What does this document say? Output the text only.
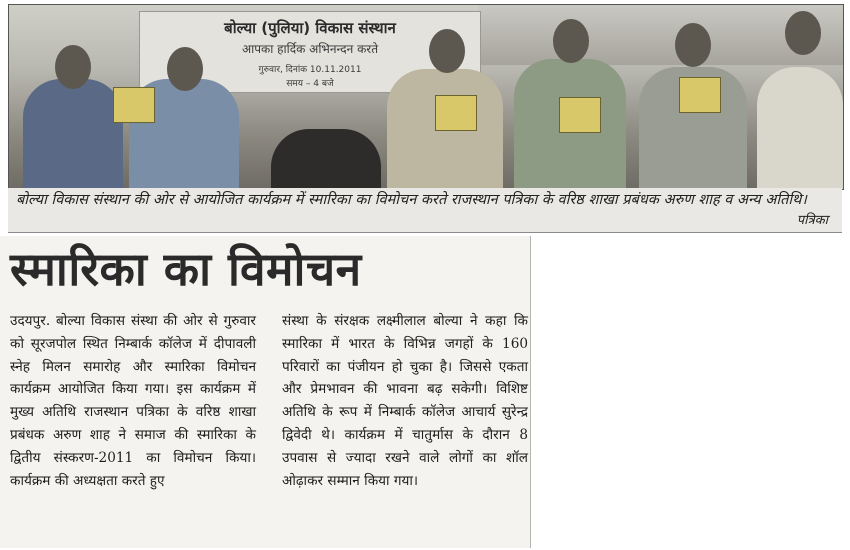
बोल्या (पुलिया) विकास संस्थान
आपका हार्दिक अभिनन्दन करते
गुरुवार, दिनांक 10.11.2011
समय – 4 बजे
बोल्या विकास संस्थान की ओर से आयोजित कार्यक्रम में स्मारिका का विमोचन करते राजस्थान पत्रिका के वरिष्ठ शाखा प्रबंधक अरुण शाह व अन्य अतिथि।
पत्रिका
स्मारिका का विमोचन

उदयपुर. बोल्या विकास संस्था की ओर से गुरुवार को सूरजपोल स्थित निम्बार्क कॉलेज में दीपावली स्नेह मिलन समारोह और स्मारिका विमोचन कार्यक्रम आयोजित किया गया। इस कार्यक्रम में मुख्य अतिथि राजस्थान पत्रिका के वरिष्ठ शाखा प्रबंधक अरुण शाह ने समाज की स्मारिका के द्वितीय संस्करण-2011 का विमोचन किया। कार्यक्रम की अध्यक्षता करते हुए

संस्था के संरक्षक लक्ष्मीलाल बोल्या ने कहा कि स्मारिका में भारत के विभिन्न जगहों के 160 परिवारों का पंजीयन हो चुका है। जिससे एकता और प्रेमभावन की भावना बढ़ सकेगी। विशिष्ट अतिथि के रूप में निम्बार्क कॉलेज आचार्य सुरेन्द्र द्विवेदी थे। कार्यक्रम में चातुर्मास के दौरान 8 उपवास से ज्यादा रखने वाले लोगों का शॉल ओढ़ाकर सम्मान किया गया।
